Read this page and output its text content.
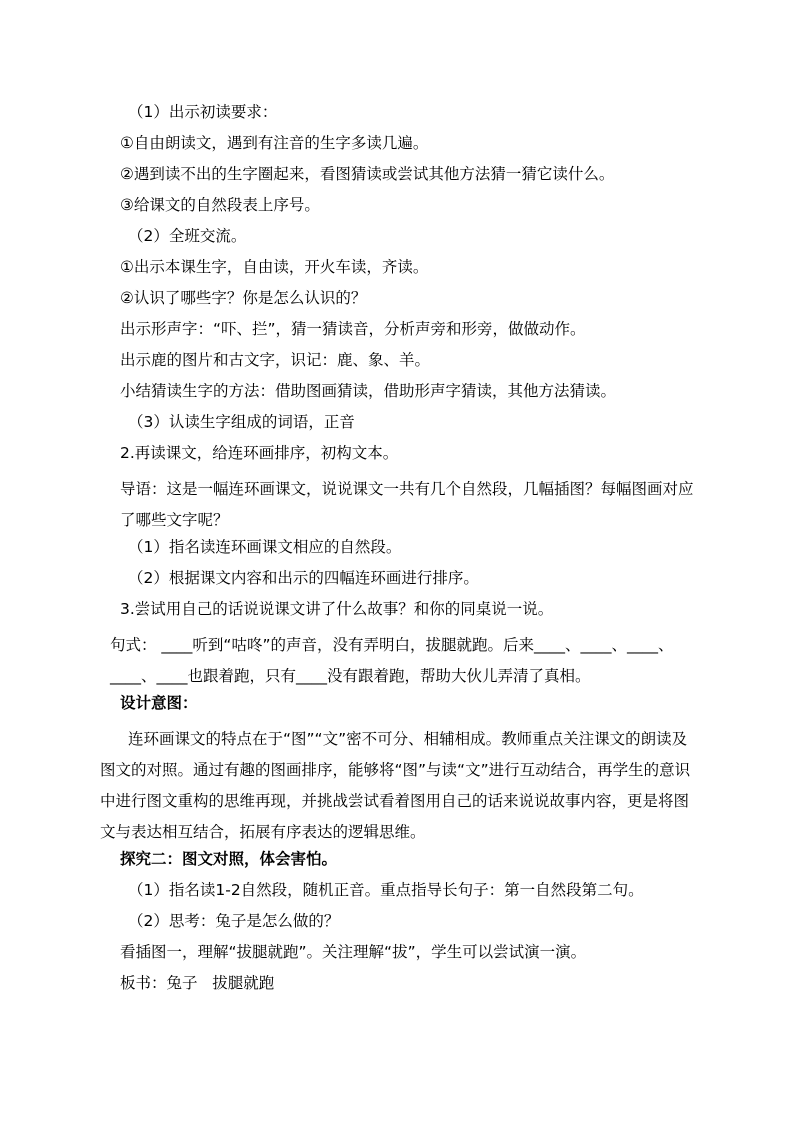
（1）出示初读要求：
①自由朗读文，遇到有注音的生字多读几遍。
②遇到读不出的生字圈起来，看图猜读或尝试其他方法猜一猜它读什么。
③给课文的自然段表上序号。
（2）全班交流。
①出示本课生字，自由读，开火车读，齐读。
②认识了哪些字？你是怎么认识的？
出示形声字：“吓、拦”，猜一猜读音，分析声旁和形旁，做做动作。
出示鹿的图片和古文字，识记：鹿、象、羊。
小结猜读生字的方法：借助图画猜读，借助形声字猜读，其他方法猜读。
（3）认读生字组成的词语，正音
2.再读课文，给连环画排序，初构文本。
导语：这是一幅连环画课文，说说课文一共有几个自然段，几幅插图？每幅图画对应了哪些文字呢？
（1）指名读连环画课文相应的自然段。
（2）根据课文内容和出示的四幅连环画进行排序。
3.尝试用自己的话说说课文讲了什么故事？和你的同桌说一说。
句式： ____听到“咕咚”的声音，没有弄明白，拔腿就跑。后来____、____、____、____、____也跟着跑，只有____没有跟着跑，帮助大伙儿弄清了真相。
设计意图：
连环画课文的特点在于“图”“文”密不可分、相辅相成。教师重点关注课文的朗读及图文的对照。通过有趣的图画排序，能够将“图”与读“文”进行互动结合，再学生的意识中进行图文重构的思维再现，并挑战尝试看着图用自己的话来说说故事内容，更是将图文与表达相互结合，拓展有序表达的逻辑思维。
探究二：图文对照，体会害怕。
（1）指名读1-2自然段，随机正音。重点指导长句子：第一自然段第二句。
（2）思考：兔子是怎么做的？
看插图一，理解“拔腿就跑”。关注理解“拔”，学生可以尝试演一演。
板书：兔子   拔腿就跑
